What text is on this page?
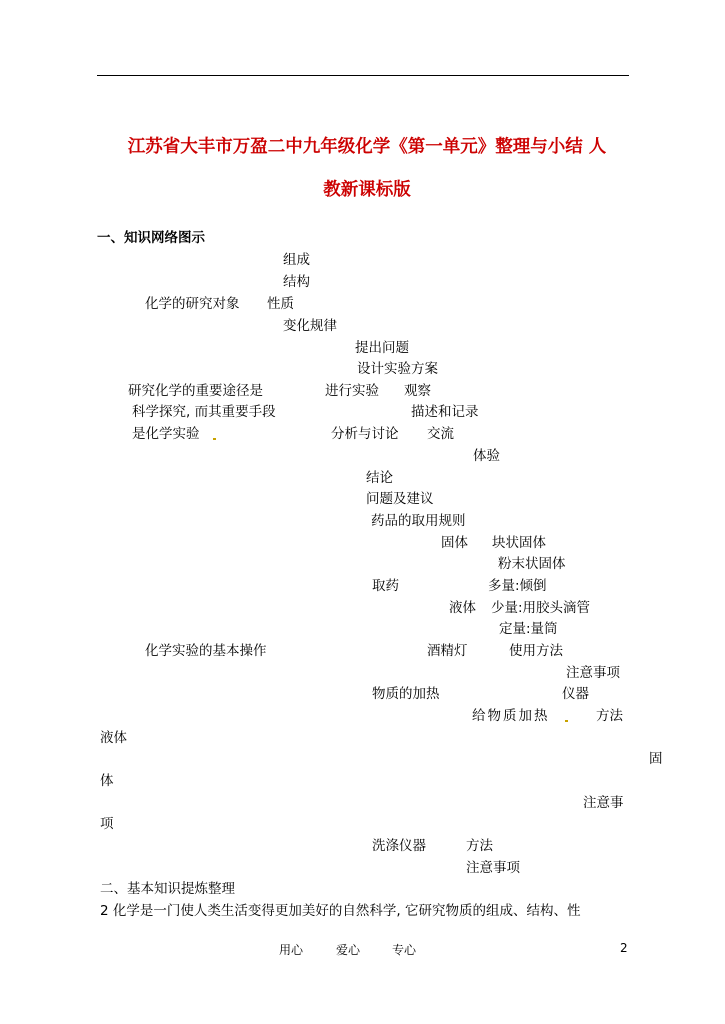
江苏省大丰市万盈二中九年级化学《第一单元》整理与小结 人
教新课标版
一、知识网络图示
组成
结构
化学的研究对象 性质
变化规律
提出问题
设计实验方案
研究化学的重要途径是	进行实验 观察
科学探究, 而其重要手段	描述和记录
是化学实验	分析与讨论 交流
体验
结论
问题及建议
药品的取用规则
固体 块状固体
粉末状固体
取药	多量:倾倒
液体 少量:用胶头滴管
定量:量筒
化学实验的基本操作	酒精灯	使用方法
注意事项
物质的加热	仪器
给物质加热	方法
液体
固
体
注意事
项
洗涤仪器	方法
注意事项
二、基本知识提炼整理
2 化学是一门使人类生活变得更加美好的自然科学, 它研究物质的组成、结构、性
用心	爱心	专心	2
